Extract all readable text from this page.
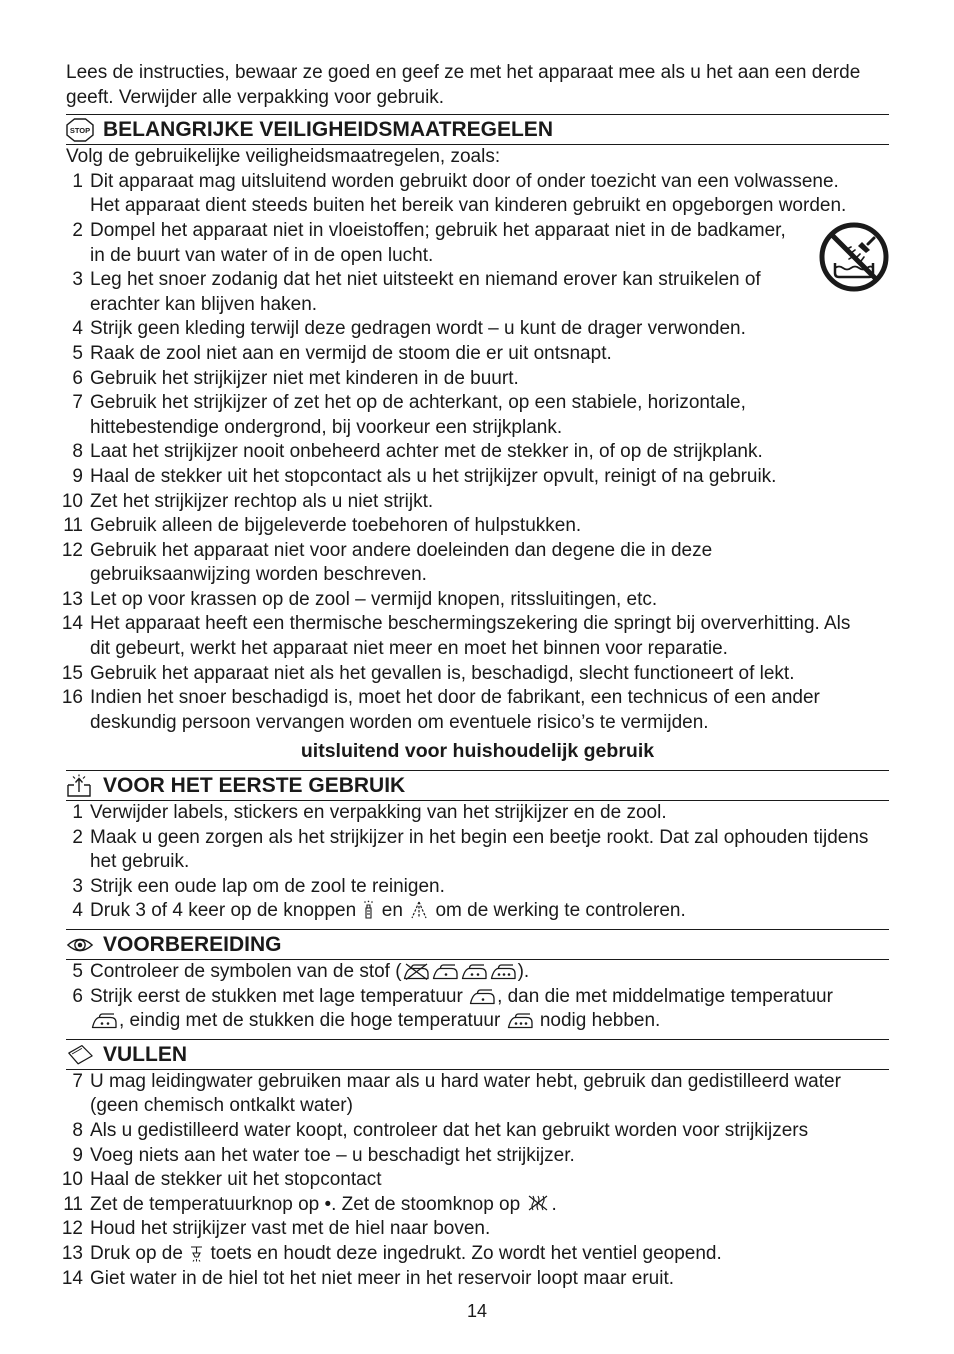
Lees de instructies, bewaar ze goed en geef ze met het apparaat mee als u het aan een derde
geeft. Verwijder alle verpakking voor gebruik.
STOP BELANGRIJKE VEILIGHEIDSMAATREGELEN
Volg de gebruikelijke veiligheidsmaatregelen, zoals:
1 Dit apparaat mag uitsluitend worden gebruikt door of onder toezicht van een volwassene.
Het apparaat dient steeds buiten het bereik van kinderen gebruikt en opgeborgen worden.
2 Dompel het apparaat niet in vloeistoffen; gebruik het apparaat niet in de badkamer,
in de buurt van water of in de open lucht.
3 Leg het snoer zodanig dat het niet uitsteekt en niemand erover kan struikelen of
erachter kan blijven haken.
4 Strijk geen kleding terwijl deze gedragen wordt – u kunt de drager verwonden.
5 Raak de zool niet aan en vermijd de stoom die er uit ontsnapt.
6 Gebruik het strijkijzer niet met kinderen in de buurt.
7 Gebruik het strijkijzer of zet het op de achterkant, op een stabiele, horizontale,
hittebestendige ondergrond, bij voorkeur een strijkplank.
8 Laat het strijkijzer nooit onbeheerd achter met de stekker in, of op de strijkplank.
9 Haal de stekker uit het stopcontact als u het strijkijzer opvult, reinigt of na gebruik.
10 Zet het strijkijzer rechtop als u niet strijkt.
11 Gebruik alleen de bijgeleverde toebehoren of hulpstukken.
12 Gebruik het apparaat niet voor andere doeleinden dan degene die in deze
gebruiksaanwijzing worden beschreven.
13 Let op voor krassen op de zool – vermijd knopen, ritssluitingen, etc.
14 Het apparaat heeft een thermische beschermingszekering die springt bij oververhitting. Als
dit gebeurt, werkt het apparaat niet meer en moet het binnen voor reparatie.
15 Gebruik het apparaat niet als het gevallen is, beschadigd, slecht functioneert of lekt.
16 Indien het snoer beschadigd is, moet het door de fabrikant, een technicus of een ander
deskundig persoon vervangen worden om eventuele risico’s te vermijden.
uitsluitend voor huishoudelijk gebruik
VOOR HET EERSTE GEBRUIK
1 Verwijder labels, stickers en verpakking van het strijkijzer en de zool.
2 Maak u geen zorgen als het strijkijzer in het begin een beetje rookt. Dat zal ophouden tijdens
het gebruik.
3 Strijk een oude lap om de zool te reinigen.
4 Druk 3 of 4 keer op de knoppen  en  om de werking te controleren.
VOORBEREIDING
5 Controleer de symbolen van de stof (	).
6 Strijk eerst de stukken met lage temperatuur , dan die met middelmatige temperatuur
, eindig met de stukken die hoge temperatuur  nodig hebben.
VULLEN
7 U mag leidingwater gebruiken maar als u hard water hebt, gebruik dan gedistilleerd water
(geen chemisch ontkalkt water)
8 Als u gedistilleerd water koopt, controleer dat het kan gebruikt worden voor strijkijzers
9 Voeg niets aan het water toe – u beschadigt het strijkijzer.
10 Haal de stekker uit het stopcontact
11 Zet de temperatuurknop op •. Zet de stoomknop op .
12 Houd het strijkijzer vast met de hiel naar boven.
13 Druk op de  toets en houdt deze ingedrukt. Zo wordt het ventiel geopend.
14 Giet water in de hiel tot het niet meer in het reservoir loopt maar eruit.
14
